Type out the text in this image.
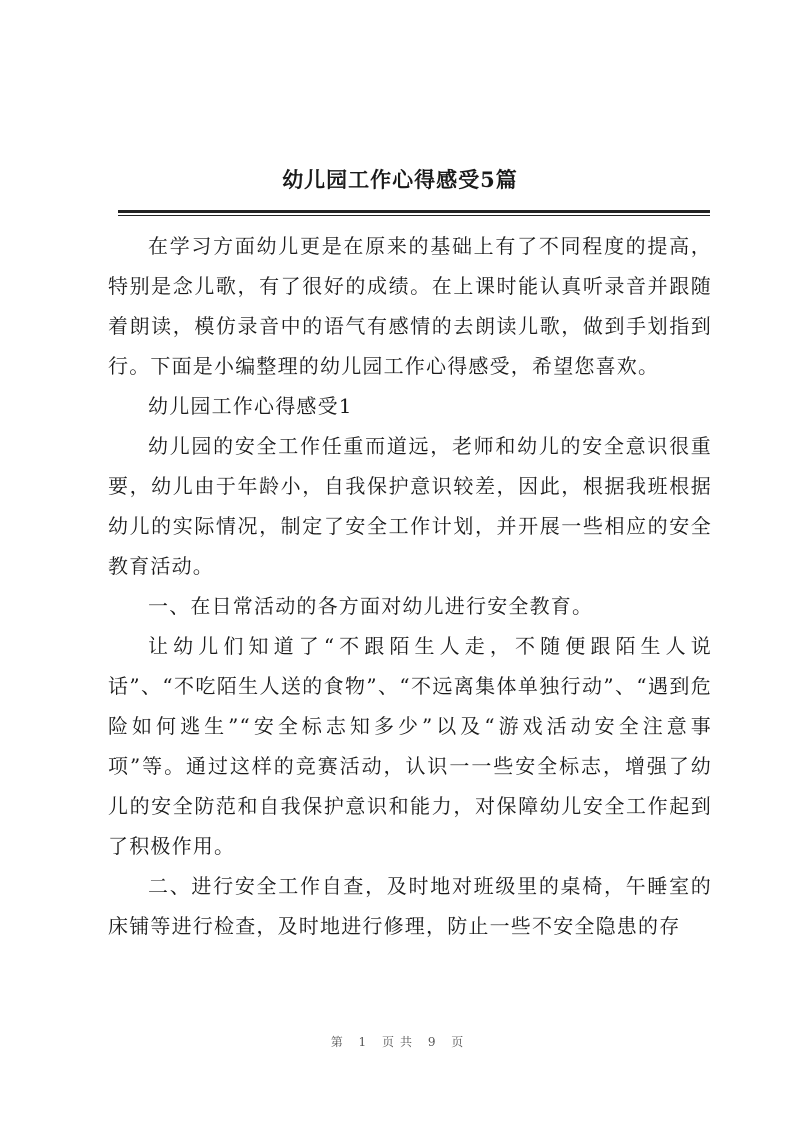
幼儿园工作心得感受5篇

在学习方面幼儿更是在原来的基础上有了不同程度的提高，特别是念儿歌，有了很好的成绩。在上课时能认真听录音并跟随着朗读，模仿录音中的语气有感情的去朗读儿歌，做到手划指到行。下面是小编整理的幼儿园工作心得感受，希望您喜欢。

幼儿园工作心得感受1

幼儿园的安全工作任重而道远，老师和幼儿的安全意识很重要，幼儿由于年龄小，自我保护意识较差，因此，根据我班根据幼儿的实际情况，制定了安全工作计划，并开展一些相应的安全教育活动。

一、在日常活动的各方面对幼儿进行安全教育。

让幼儿们知道了“不跟陌生人走，不随便跟陌生人说话”、“不吃陌生人送的食物”、“不远离集体单独行动”、“遇到危险如何逃生”“安全标志知多少”以及“游戏活动安全注意事项”等。通过这样的竞赛活动，认识一一些安全标志，增强了幼儿的安全防范和自我保护意识和能力，对保障幼儿安全工作起到了积极作用。

二、进行安全工作自查，及时地对班级里的桌椅，午睡室的床铺等进行检查，及时地进行修理，防止一些不安全隐患的存

第 1 页共 9 页
